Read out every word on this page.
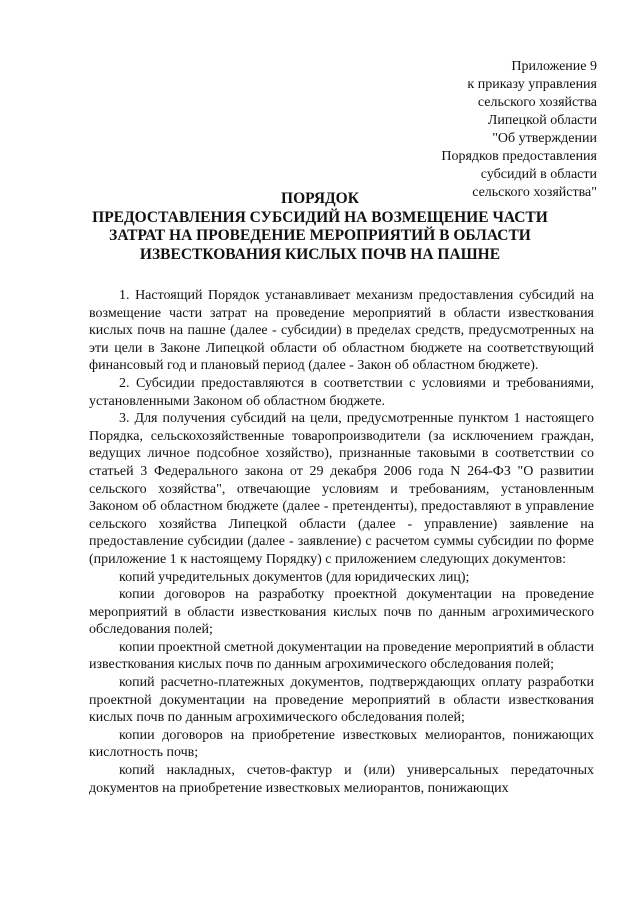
Приложение 9
к приказу управления
сельского хозяйства
Липецкой области
"Об утверждении
Порядков предоставления
субсидий в области
сельского хозяйства"
ПОРЯДОК
ПРЕДОСТАВЛЕНИЯ СУБСИДИЙ НА ВОЗМЕЩЕНИЕ ЧАСТИ
ЗАТРАТ НА ПРОВЕДЕНИЕ МЕРОПРИЯТИЙ В ОБЛАСТИ
ИЗВЕСТКОВАНИЯ КИСЛЫХ ПОЧВ НА ПАШНЕ

1. Настоящий Порядок устанавливает механизм предоставления субсидий на возмещение части затрат на проведение мероприятий в области известкования кислых почв на пашне (далее - субсидии) в пределах средств, предусмотренных на эти цели в Законе Липецкой области об областном бюджете на соответствующий финансовый год и плановый период (далее - Закон об областном бюджете).

2. Субсидии предоставляются в соответствии с условиями и требованиями, установленными Законом об областном бюджете.

3. Для получения субсидий на цели, предусмотренные пунктом 1 настоящего Порядка, сельскохозяйственные товаропроизводители (за исключением граждан, ведущих личное подсобное хозяйство), признанные таковыми в соответствии со статьей 3 Федерального закона от 29 декабря 2006 года N 264-ФЗ "О развитии сельского хозяйства", отвечающие условиям и требованиям, установленным Законом об областном бюджете (далее - претенденты), предоставляют в управление сельского хозяйства Липецкой области (далее - управление) заявление на предоставление субсидии (далее - заявление) с расчетом суммы субсидии по форме (приложение 1 к настоящему Порядку) с приложением следующих документов:

копий учредительных документов (для юридических лиц);

копии договоров на разработку проектной документации на проведение мероприятий в области известкования кислых почв по данным агрохимического обследования полей;

копии проектной сметной документации на проведение мероприятий в области известкования кислых почв по данным агрохимического обследования полей;

копий расчетно-платежных документов, подтверждающих оплату разработки проектной документации на проведение мероприятий в области известкования кислых почв по данным агрохимического обследования полей;

копии договоров на приобретение известковых мелиорантов, понижающих кислотность почв;

копий накладных, счетов-фактур и (или) универсальных передаточных документов на приобретение известковых мелиорантов, понижающих
